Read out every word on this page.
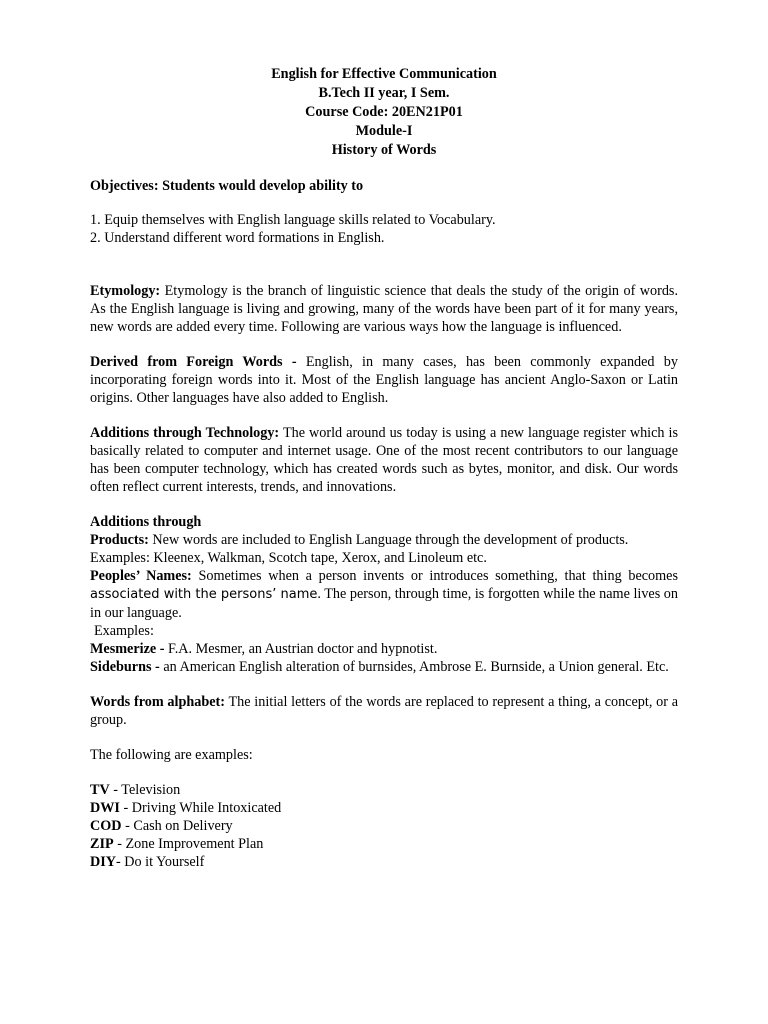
English for Effective Communication
B.Tech II year, I Sem.
Course Code: 20EN21P01
Module-I
History of Words

Objectives: Students would develop ability to

1. Equip themselves with English language skills related to Vocabulary.

2. Understand different word formations in English.

Etymology: Etymology is the branch of linguistic science that deals the study of the origin of words. As the English language is living and growing, many of the words have been part of it for many years, new words are added every time. Following are various ways how the language is influenced.

Derived from Foreign Words - English, in many cases, has been commonly expanded by incorporating foreign words into it. Most of the English language has ancient Anglo-Saxon or Latin origins. Other languages have also added to English.

Additions through Technology: The world around us today is using a new language register which is basically related to computer and internet usage. One of the most recent contributors to our language has been computer technology, which has created words such as bytes, monitor, and disk. Our words often reflect current interests, trends, and innovations.

Additions through

Products: New words are included to English Language through the development of products.

Examples: Kleenex, Walkman, Scotch tape, Xerox, and Linoleum etc.

Peoples’ Names: Sometimes when a person invents or introduces something, that thing becomes associated with the persons’ name. The person, through time, is forgotten while the name lives on in our language.

Examples:

Mesmerize - F.A. Mesmer, an Austrian doctor and hypnotist.

Sideburns - an American English alteration of burnsides, Ambrose E. Burnside, a Union general. Etc.

Words from alphabet: The initial letters of the words are replaced to represent a thing, a concept, or a group.

The following are examples:

TV - Television

DWI - Driving While Intoxicated

COD - Cash on Delivery

ZIP - Zone Improvement Plan

DIY- Do it Yourself
